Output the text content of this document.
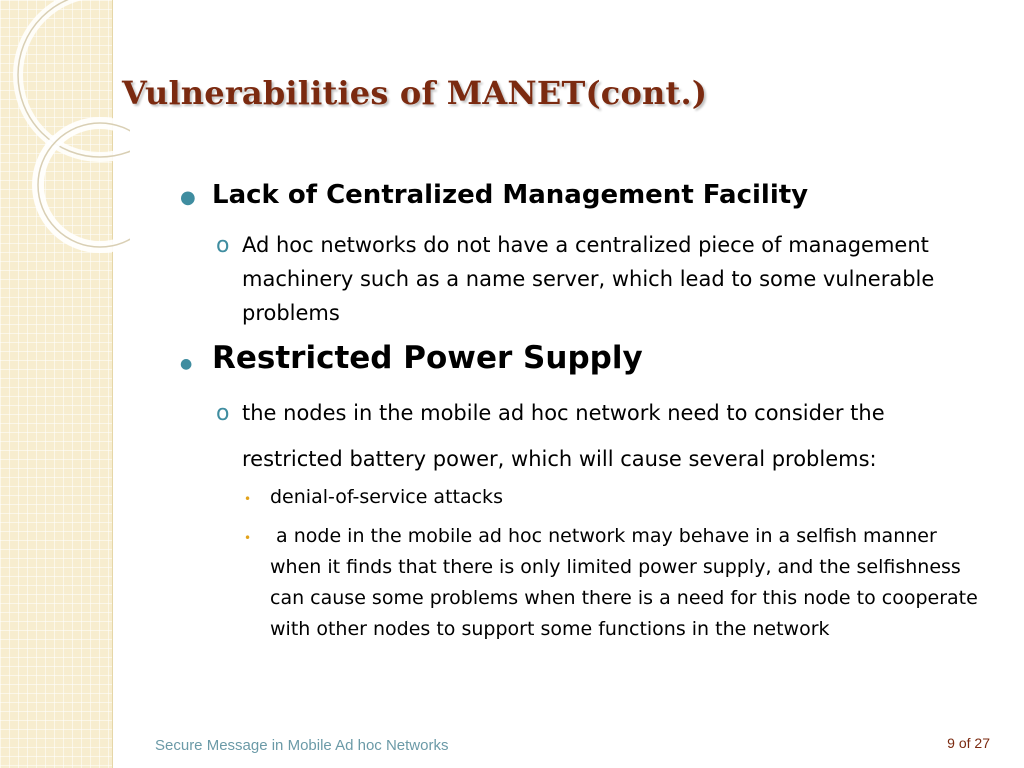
Vulnerabilities of MANET(cont.)
● Lack of Centralized Management Facility
o Ad hoc networks do not have a centralized piece of management machinery such as a name server, which lead to some vulnerable problems
● Restricted Power Supply
o the nodes in the mobile ad hoc network need to consider the restricted battery power, which will cause several problems:
• denial-of-service attacks
• a node in the mobile ad hoc network may behave in a selfish manner when it finds that there is only limited power supply, and the selfishness can cause some problems when there is a need for this node to cooperate with other nodes to support some functions in the network
Secure Message in Mobile Ad hoc Networks	9 of 27
